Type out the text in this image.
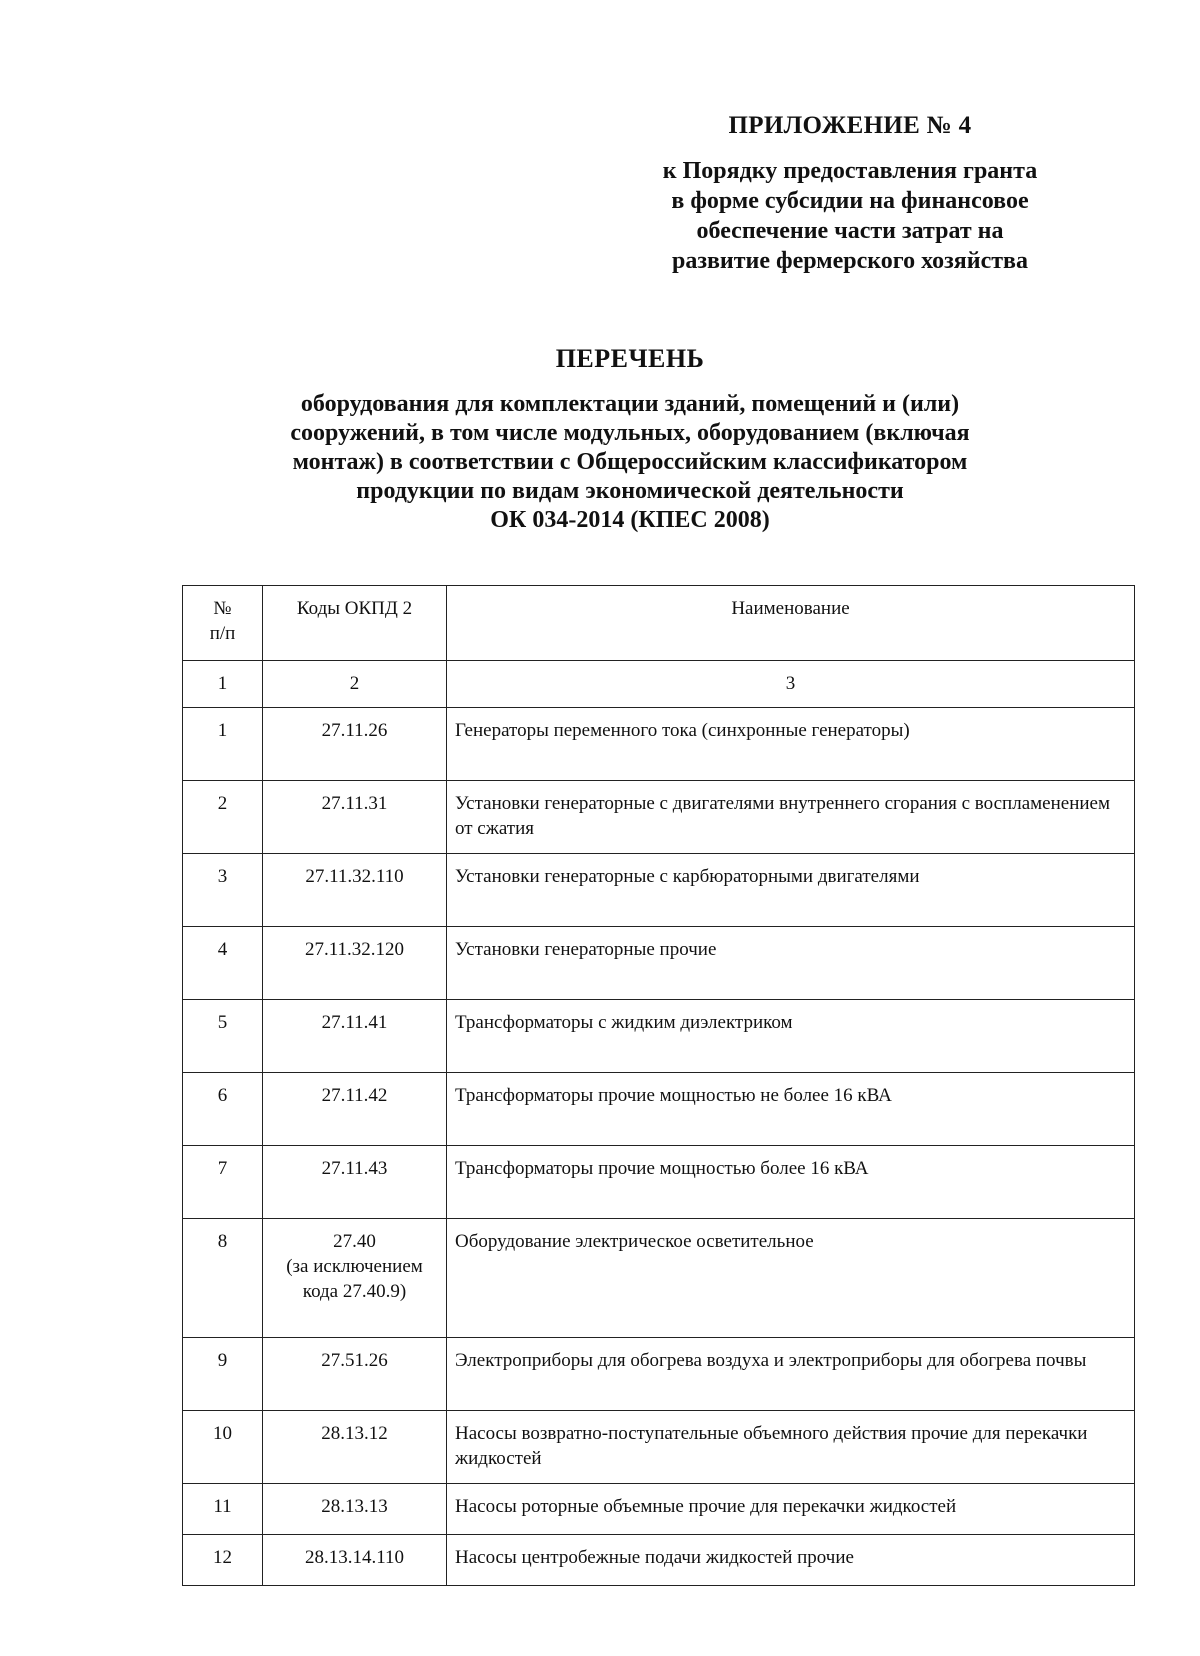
ПРИЛОЖЕНИЕ № 4
к Порядку предоставления гранта
в форме субсидии на финансовое
обеспечение части затрат на
развитие фермерского хозяйства
ПЕРЕЧЕНЬ
оборудования для комплектации зданий, помещений и (или)
сооружений, в том числе модульных, оборудованием (включая
монтаж) в соответствии с Общероссийским классификатором
продукции по видам экономической деятельности
ОК 034-2014 (КПЕС 2008)
№
п/п	Коды ОКПД 2	Наименование
1	2	3
1	27.11.26	Генераторы переменного тока (синхронные генераторы)
2	27.11.31	Установки генераторные с двигателями внутреннего сгорания с воспламенением от сжатия
3	27.11.32.110	Установки генераторные с карбюраторными двигателями
4	27.11.32.120	Установки генераторные прочие
5	27.11.41	Трансформаторы с жидким диэлектриком
6	27.11.42	Трансформаторы прочие мощностью не более 16 кВА
7	27.11.43	Трансформаторы прочие мощностью более 16 кВА
8	27.40
(за исключением
кода 27.40.9)	Оборудование электрическое осветительное
9	27.51.26	Электроприборы для обогрева воздуха и электроприборы для обогрева почвы
10	28.13.12	Насосы возвратно-поступательные объемного действия прочие для перекачки жидкостей
11	28.13.13	Насосы роторные объемные прочие для перекачки жидкостей
12	28.13.14.110	Насосы центробежные подачи жидкостей прочие
